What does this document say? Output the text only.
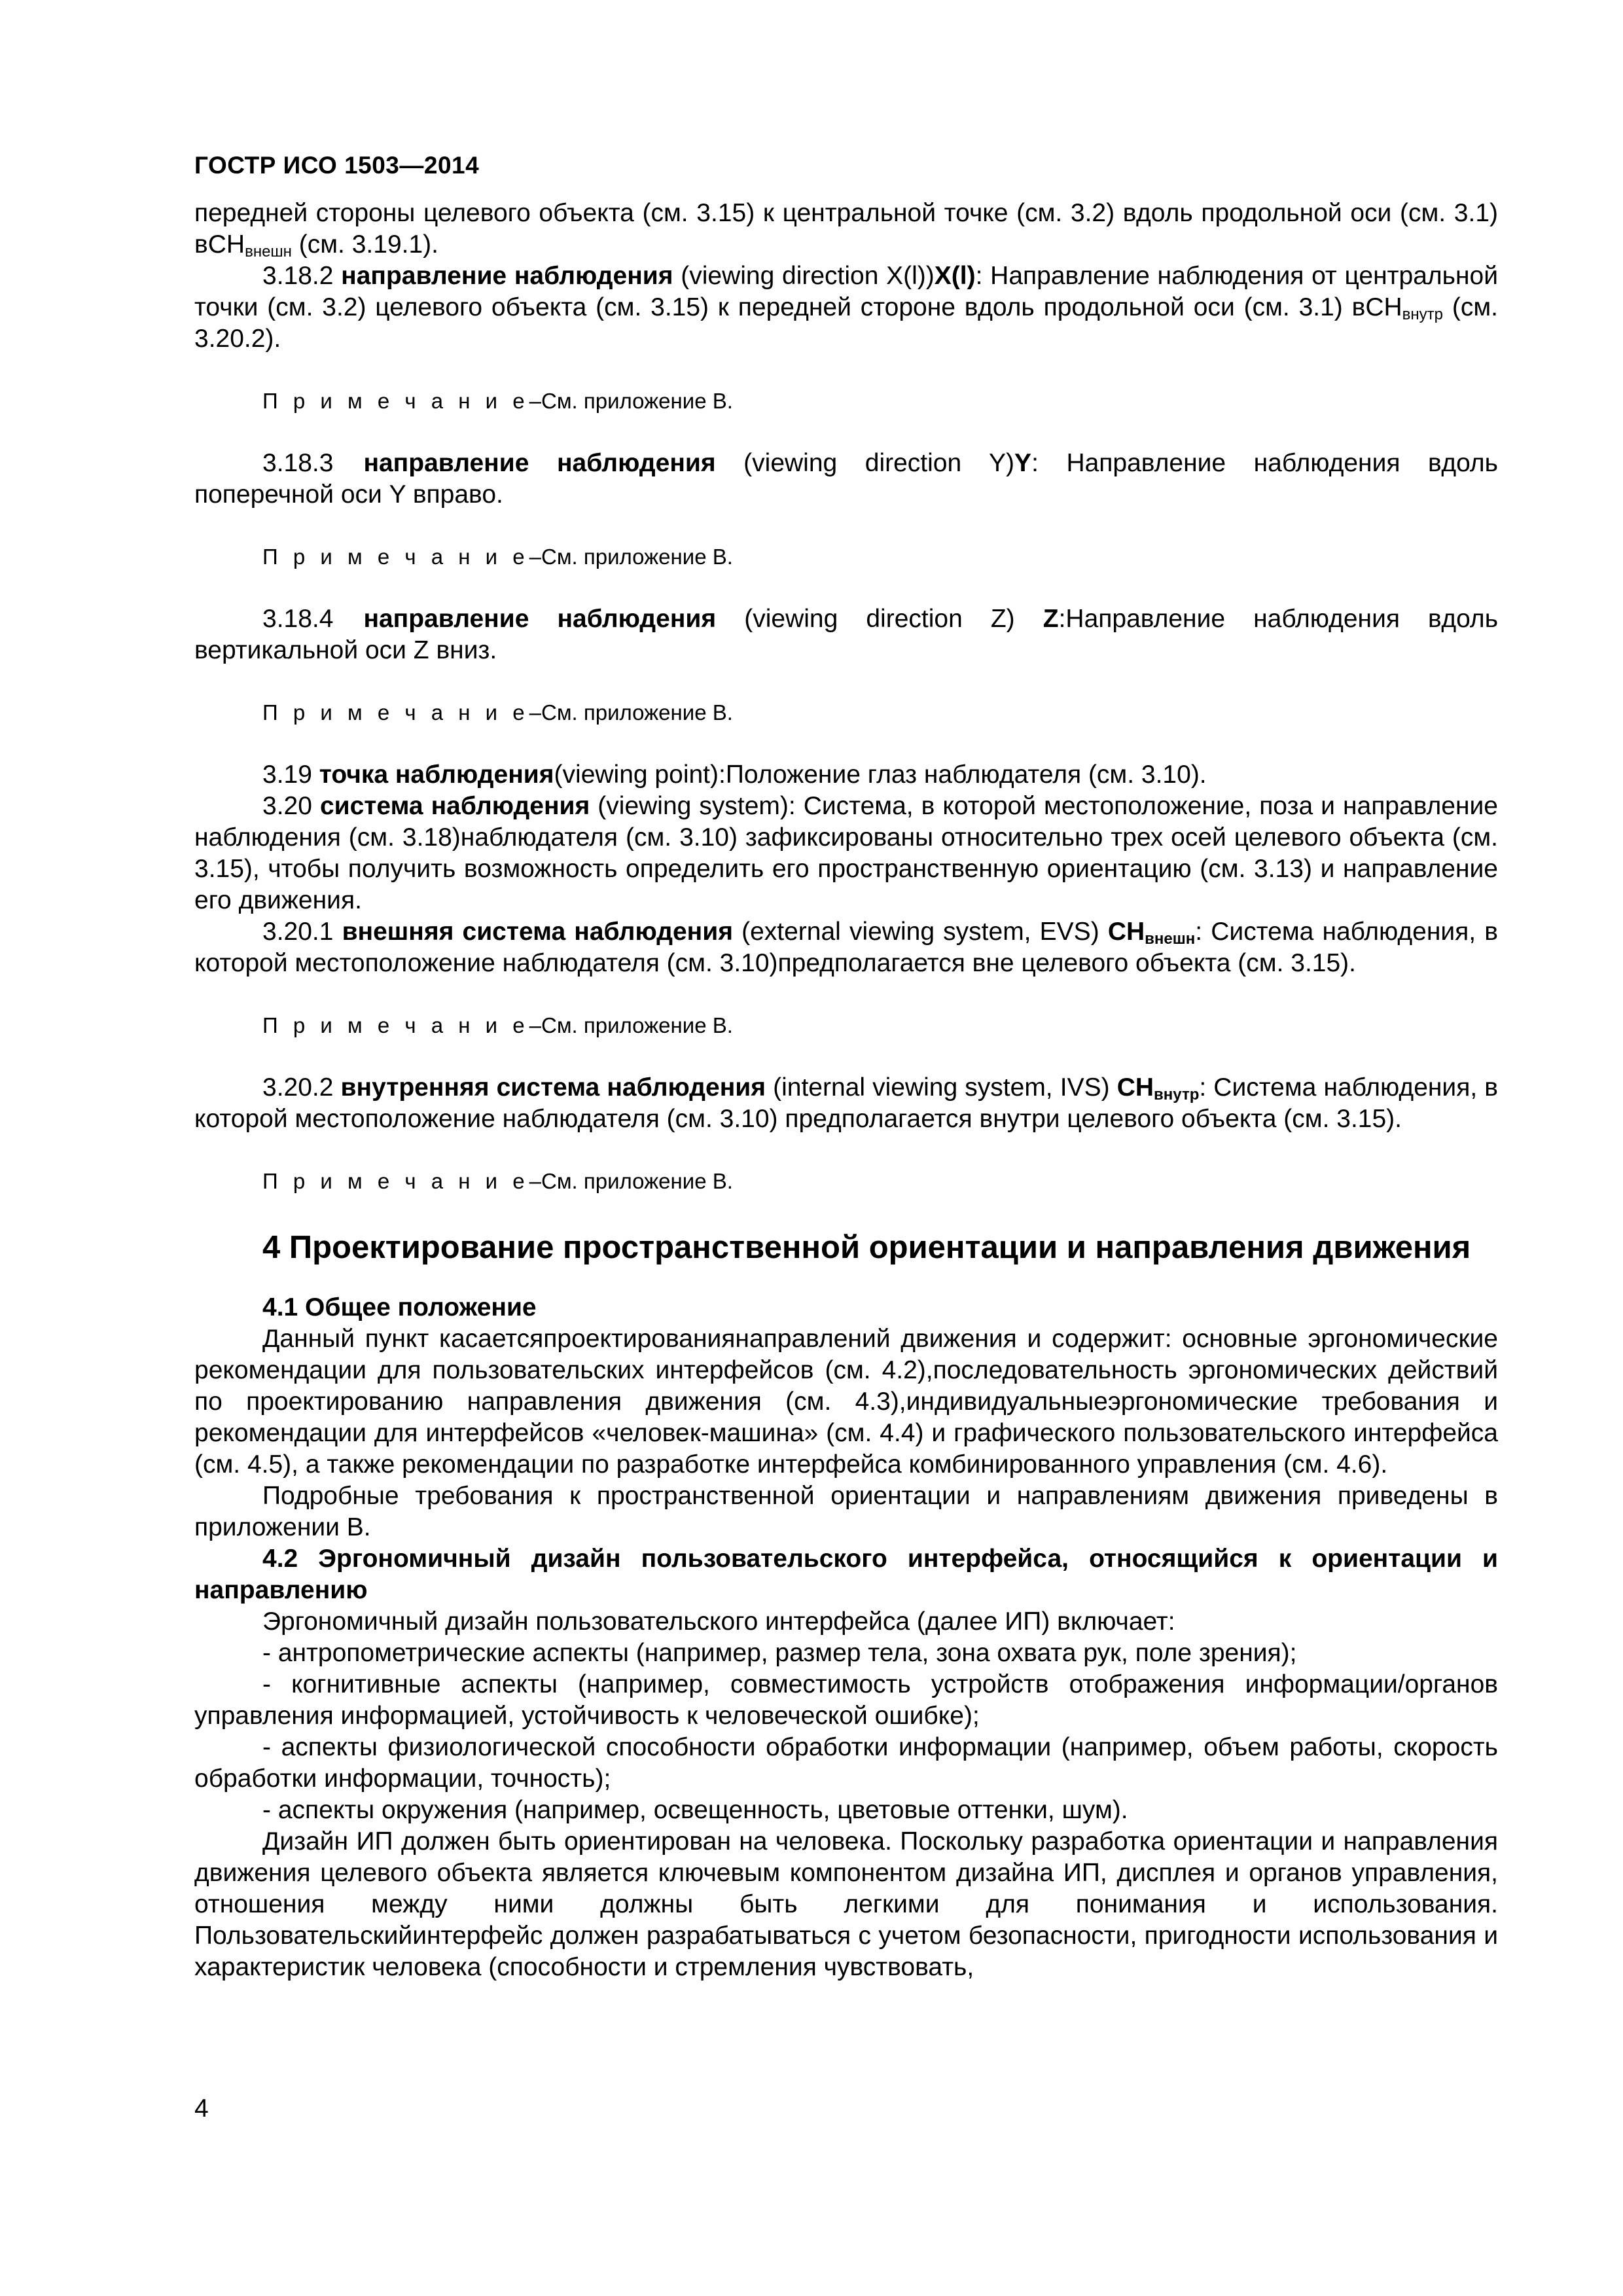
ГОСТР ИСО 1503—2014

передней стороны целевого объекта (см. 3.15) к центральной точке (см. 3.2) вдоль продольной оси (см. 3.1) вСН$_{внешн}$ (см. 3.19.1).

3.18.2 направление наблюдения (viewing direction X(l))X(l): Направление наблюдения от центральной точки (см. 3.2) целевого объекта (см. 3.15) к передней стороне вдоль продольной оси (см. 3.1) вСН$_{внутр}$ (см. 3.20.2).

П р и м е ч а н и е–См. приложение В.

3.18.3 направление наблюдения (viewing direction Y)Y: Направление наблюдения вдоль поперечной оси Y вправо.

П р и м е ч а н и е–См. приложение В.

3.18.4 направление наблюдения (viewing direction Z) Z:Направление наблюдения вдоль вертикальной оси Z вниз.

П р и м е ч а н и е–См. приложение В.

3.19 точка наблюдения(viewing point):Положение глаз наблюдателя (см. 3.10).

3.20 система наблюдения (viewing system): Система, в которой местоположение, поза и направление наблюдения (см. 3.18)наблюдателя (см. 3.10) зафиксированы относительно трех осей целевого объекта (см. 3.15), чтобы получить возможность определить его пространственную ориентацию (см. 3.13) и направление его движения.

3.20.1 внешняя система наблюдения (external viewing system, EVS) $СН_{внешн}$: Система наблюдения, в которой местоположение наблюдателя (см. 3.10)предполагается вне целевого объекта (см. 3.15).

П р и м е ч а н и е–См. приложение В.

3.20.2 внутренняя система наблюдения (internal viewing system, IVS) $СН_{внутр}$: Система наблюдения, в которой местоположение наблюдателя (см. 3.10) предполагается внутри целевого объекта (см. 3.15).

П р и м е ч а н и е–См. приложение В.

4 Проектирование пространственной ориентации и направления движения

4.1 Общее положение

Данный пункт касаетсяпроектированиянаправлений движения и содержит: основные эргономические рекомендации для пользовательских интерфейсов (см. 4.2),последовательность эргономических действий по проектированию направления движения (см. 4.3),индивидуальныеэргономические требования и рекомендации для интерфейсов «человек-машина» (см. 4.4) и графического пользовательского интерфейса (см. 4.5), а также рекомендации по разработке интерфейса комбинированного управления (см. 4.6).

Подробные требования к пространственной ориентации и направлениям движения приведены в приложении В.

4.2 Эргономичный дизайн пользовательского интерфейса, относящийся к ориентации и направлению

Эргономичный дизайн пользовательского интерфейса (далее ИП) включает:

- антропометрические аспекты (например, размер тела, зона охвата рук, поле зрения);

- когнитивные аспекты (например, совместимость устройств отображения информации/органов управления информацией, устойчивость к человеческой ошибке);

- аспекты физиологической способности обработки информации (например, объем работы, скорость обработки информации, точность);

- аспекты окружения (например, освещенность, цветовые оттенки, шум).

Дизайн ИП должен быть ориентирован на человека. Поскольку разработка ориентации и направления движения целевого объекта является ключевым компонентом дизайна ИП, дисплея и органов управления, отношения между ними должны быть легкими для понимания и использования. Пользовательскийинтерфейс должен разрабатываться с учетом безопасности, пригодности использования и характеристик человека (способности и стремления чувствовать,

4
